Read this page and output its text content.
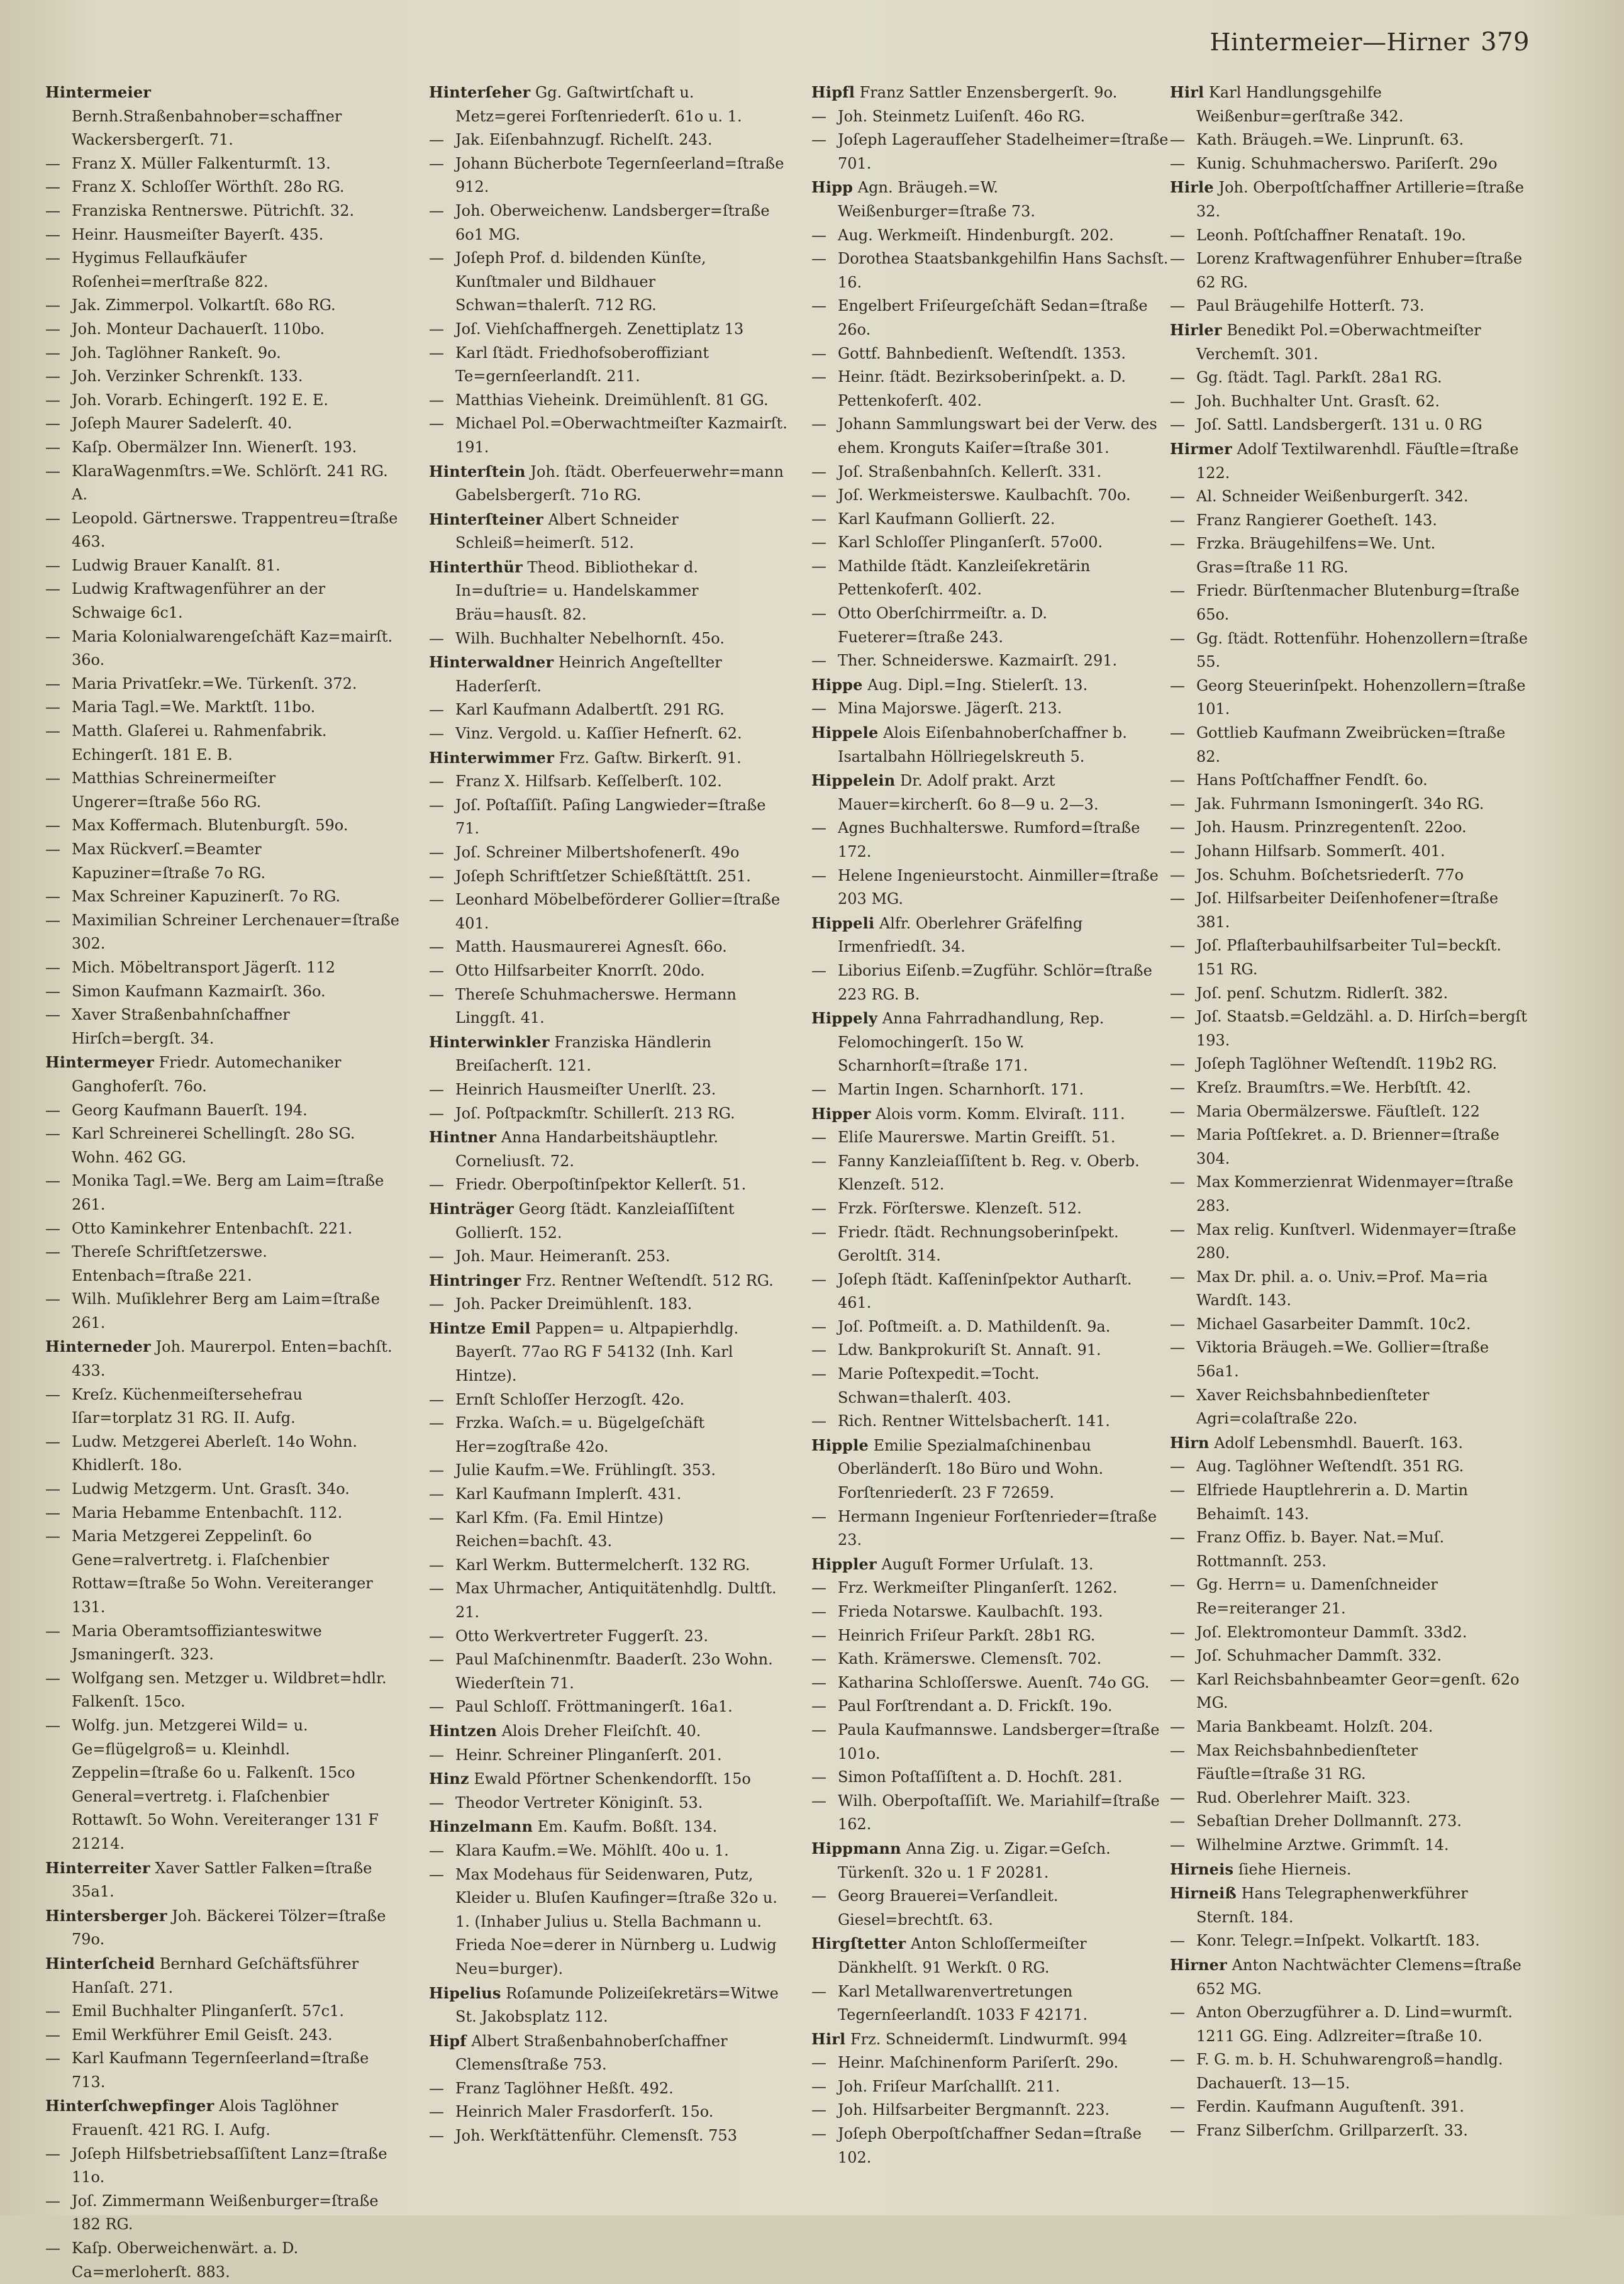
Hintermeier—Hirner 379

Hintermeier Bernh.Straßenbahnober=schaffner Wackersbergerſt. 71.

— Franz X. Müller Falkenturmſt. 13.

— Franz X. Schloſſer Wörthſt. 28o RG.

— Franziska Rentnerswe. Pütrichſt. 32.

— Heinr. Hausmeiſter Bayerſt. 435.

— Hygimus Fellaufkäufer Roſenhei=merſtraße 822.

— Jak. Zimmerpol. Volkartſt. 68o RG.

— Joh. Monteur Dachauerſt. 110bo.

— Joh. Taglöhner Rankeſt. 9o.

— Joh. Verzinker Schrenkſt. 133.

— Joh. Vorarb. Echingerſt. 192 E. E.

— Joſeph Maurer Sadelerſt. 40.

— Kaſp. Obermälzer Inn. Wienerſt. 193.

— KlaraWagenmſtrs.=We. Schlörſt. 241 RG. A.

— Leopold. Gärtnerswe. Trappentreu=ſtraße 463.

— Ludwig Brauer Kanalſt. 81.

— Ludwig Kraftwagenführer an der Schwaige 6c1.

— Maria Kolonialwarengeſchäft Kaz=mairſt. 36o.

— Maria Privatſekr.=We. Türkenſt. 372.

— Maria Tagl.=We. Marktſt. 11bo.

— Matth. Glaſerei u. Rahmenfabrik. Echingerſt. 181 E. B.

— Matthias Schreinermeiſter Ungerer=ſtraße 56o RG.

— Max Koffermach. Blutenburgſt. 59o.

— Max Rückverſ.=Beamter Kapuziner=ſtraße 7o RG.

— Max Schreiner Kapuzinerſt. 7o RG.

— Maximilian Schreiner Lerchenauer=ſtraße 302.

— Mich. Möbeltransport Jägerſt. 112

— Simon Kaufmann Kazmairſt. 36o.

— Xaver Straßenbahnſchaffner Hirſch=bergſt. 34.

Hintermeyer Friedr. Automechaniker Ganghoferſt. 76o.

— Georg Kaufmann Bauerſt. 194.

— Karl Schreinerei Schellingſt. 28o SG. Wohn. 462 GG.

— Monika Tagl.=We. Berg am Laim=ſtraße 261.

— Otto Kaminkehrer Entenbachſt. 221.

— Thereſe Schriftſetzerswe. Entenbach=ſtraße 221.

— Wilh. Muſiklehrer Berg am Laim=ſtraße 261.

Hinterneder Joh. Maurerpol. Enten=bachſt. 433.

— Kreſz. Küchenmeiſtersehefrau Iſar=torplatz 31 RG. II. Aufg.

— Ludw. Metzgerei Aberleſt. 14o Wohn. Khidlerſt. 18o.

— Ludwig Metzgerm. Unt. Grasſt. 34o.

— Maria Hebamme Entenbachſt. 112.

— Maria Metzgerei Zeppelinſt. 6o Gene=ralvertretg. i. Flaſchenbier Rottaw=ſtraße 5o Wohn. Vereiteranger 131.

— Maria Oberamtsoffizianteswitwe Jsmaningerſt. 323.

— Wolfgang sen. Metzger u. Wildbret=hdlr. Falkenſt. 15co.

— Wolfg. jun. Metzgerei Wild= u. Ge=flügelgroß= u. Kleinhdl. Zeppelin=ſtraße 6o u. Falkenſt. 15co General=vertretg. i. Flaſchenbier Rottawſt. 5o Wohn. Vereiteranger 131 F 21214.

Hinterreiter Xaver Sattler Falken=ſtraße 35a1.

Hintersberger Joh. Bäckerei Tölzer=ſtraße 79o.

Hinterſcheid Bernhard Geſchäftsführer Hanſaſt. 271.

— Emil Buchhalter Plinganſerſt. 57c1.

— Emil Werkführer Emil Geisſt. 243.

— Karl Kaufmann Tegernſeerland=ſtraße 713.

Hinterſchwepfinger Alois Taglöhner Frauenſt. 421 RG. I. Aufg.

— Joſeph Hilfsbetriebsaſſiſtent Lanz=ſtraße 11o.

— Joſ. Zimmermann Weißenburger=ſtraße 182 RG.

— Kaſp. Oberweichenwärt. a. D. Ca=merloherſt. 883.

Hinterſeher Gg. Gaſtwirtſchaft u. Metz=gerei Forſtenriederſt. 61o u. 1.

— Jak. Eiſenbahnzugf. Richelſt. 243.

— Johann Bücherbote Tegernſeerland=ſtraße 912.

— Joh. Oberweichenw. Landsberger=ſtraße 6o1 MG.

— Joſeph Prof. d. bildenden Künſte, Kunſtmaler und Bildhauer Schwan=thalerſt. 712 RG.

— Joſ. Viehſchaffnergeh. Zenettiplatz 13

— Karl ſtädt. Friedhofsoberoffiziant Te=gernſeerlandſt. 211.

— Matthias Vieheink. Dreimühlenſt. 81 GG.

— Michael Pol.=Oberwachtmeiſter Kazmairſt. 191.

Hinterſtein Joh. ſtädt. Oberfeuerwehr=mann Gabelsbergerſt. 71o RG.

Hinterſteiner Albert Schneider Schleiß=heimerſt. 512.

Hinterthür Theod. Bibliothekar d. In=duſtrie= u. Handelskammer Bräu=hausſt. 82.

— Wilh. Buchhalter Nebelhornſt. 45o.

Hinterwaldner Heinrich Angeſtellter Haderſerſt.

— Karl Kaufmann Adalbertſt. 291 RG.

— Vinz. Vergold. u. Kaſſier Hefnerſt. 62.

Hinterwimmer Frz. Gaſtw. Birkerſt. 91.

— Franz X. Hilfsarb. Keſſelberſt. 102.

— Joſ. Poſtaſſiſt. Paſing Langwieder=ſtraße 71.

— Joſ. Schreiner Milbertshofenerſt. 49o

— Joſeph Schriftſetzer Schießſtättſt. 251.

— Leonhard Möbelbeförderer Gollier=ſtraße 401.

— Matth. Hausmaurerei Agnesſt. 66o.

— Otto Hilfsarbeiter Knorrſt. 20do.

— Thereſe Schuhmacherswe. Hermann Linggſt. 41.

Hinterwinkler Franziska Händlerin Breiſacherſt. 121.

— Heinrich Hausmeiſter Unerlſt. 23.

— Joſ. Poſtpackmſtr. Schillerſt. 213 RG.

Hintner Anna Handarbeitshäuptlehr. Corneliusſt. 72.

— Friedr. Oberpoſtinſpektor Kellerſt. 51.

Hinträger Georg ſtädt. Kanzleiaſſiſtent Gollierſt. 152.

— Joh. Maur. Heimeranſt. 253.

Hintringer Frz. Rentner Weſtendſt. 512 RG.

— Joh. Packer Dreimühlenſt. 183.

Hintze Emil Pappen= u. Altpapierhdlg. Bayerſt. 77ao RG F 54132 (Inh. Karl Hintze).

— Ernſt Schloſſer Herzogſt. 42o.

— Frzka. Waſch.= u. Bügelgeſchäft Her=zogſtraße 42o.

— Julie Kaufm.=We. Frühlingſt. 353.

— Karl Kaufmann Implerſt. 431.

— Karl Kfm. (Fa. Emil Hintze) Reichen=bachſt. 43.

— Karl Werkm. Buttermelcherſt. 132 RG.

— Max Uhrmacher, Antiquitätenhdlg. Dultſt. 21.

— Otto Werkvertreter Fuggerſt. 23.

— Paul Maſchinenmſtr. Baaderſt. 23o Wohn. Wiederſtein 71.

— Paul Schloſſ. Fröttmaningerſt. 16a1.

Hintzen Alois Dreher Fleiſchſt. 40.

— Heinr. Schreiner Plinganſerſt. 201.

Hinz Ewald Pförtner Schenkendorfſt. 15o

— Theodor Vertreter Königinſt. 53.

Hinzelmann Em. Kaufm. Boßſt. 134.

— Klara Kaufm.=We. Möhlſt. 40o u. 1.

— Max Modehaus für Seidenwaren, Putz, Kleider u. Bluſen Kaufinger=ſtraße 32o u. 1. (Inhaber Julius u. Stella Bachmann u. Frieda Noe=derer in Nürnberg u. Ludwig Neu=burger).

Hipelius Roſamunde Polizeiſekretärs=Witwe St. Jakobsplatz 112.

Hipf Albert Straßenbahnoberſchaffner Clemensſtraße 753.

— Franz Taglöhner Heßſt. 492.

— Heinrich Maler Frasdorferſt. 15o.

— Joh. Werkſtättenführ. Clemensſt. 753

Hipfl Franz Sattler Enzensbergerſt. 9o.

— Joh. Steinmetz Luiſenſt. 46o RG.

— Joſeph Lageraufſeher Stadelheimer=ſtraße 701.

Hipp Agn. Bräugeh.=W. Weißenburger=ſtraße 73.

— Aug. Werkmeiſt. Hindenburgſt. 202.

— Dorothea Staatsbankgehilfin Hans Sachsſt. 16.

— Engelbert Friſeurgeſchäft Sedan=ſtraße 26o.

— Gottf. Bahnbedienſt. Weſtendſt. 1353.

— Heinr. ſtädt. Bezirksoberinſpekt. a. D. Pettenkoferſt. 402.

— Johann Sammlungswart bei der Verw. des ehem. Kronguts Kaiſer=ſtraße 301.

— Joſ. Straßenbahnſch. Kellerſt. 331.

— Joſ. Werkmeisterswe. Kaulbachſt. 70o.

— Karl Kaufmann Gollierſt. 22.

— Karl Schloſſer Plinganſerſt. 57o00.

— Mathilde ſtädt. Kanzleiſekretärin Pettenkoferſt. 402.

— Otto Oberſchirrmeiſtr. a. D. Fueterer=ſtraße 243.

— Ther. Schneiderswe. Kazmairſt. 291.

Hippe Aug. Dipl.=Ing. Stielerſt. 13.

— Mina Majorswe. Jägerſt. 213.

Hippele Alois Eiſenbahnoberſchaffner b. Isartalbahn Höllriegelskreuth 5.

Hippelein Dr. Adolf prakt. Arzt Mauer=kircherſt. 6o 8—9 u. 2—3.

— Agnes Buchhalterswe. Rumford=ſtraße 172.

— Helene Ingenieurstocht. Ainmiller=ſtraße 203 MG.

Hippeli Alfr. Oberlehrer Gräfelfing Irmenfriedſt. 34.

— Liborius Eiſenb.=Zugführ. Schlör=ſtraße 223 RG. B.

Hippely Anna Fahrradhandlung, Rep. Felomochingerſt. 15o W. Scharnhorſt=ſtraße 171.

— Martin Ingen. Scharnhorſt. 171.

Hipper Alois vorm. Komm. Elviraſt. 111.

— Eliſe Maurerswe. Martin Greifſt. 51.

— Fanny Kanzleiaſſiſtent b. Reg. v. Oberb. Klenzeſt. 512.

— Frzk. Förſterswe. Klenzeſt. 512.

— Friedr. ſtädt. Rechnungsoberinſpekt. Geroltſt. 314.

— Joſeph ſtädt. Kaſſeninſpektor Autharſt. 461.

— Joſ. Poſtmeiſt. a. D. Mathildenſt. 9a.

— Ldw. Bankprokuriſt St. Annaſt. 91.

— Marie Poſtexpedit.=Tocht. Schwan=thalerſt. 403.

— Rich. Rentner Wittelsbacherſt. 141.

Hipple Emilie Spezialmaſchinenbau Oberländerſt. 18o Büro und Wohn. Forſtenriederſt. 23 F 72659.

— Hermann Ingenieur Forſtenrieder=ſtraße 23.

Hippler Auguſt Former Urſulaſt. 13.

— Frz. Werkmeiſter Plinganſerſt. 1262.

— Frieda Notarswe. Kaulbachſt. 193.

— Heinrich Friſeur Parkſt. 28b1 RG.

— Kath. Krämerswe. Clemensſt. 702.

— Katharina Schloſſerswe. Auenſt. 74o GG.

— Paul Forſtrendant a. D. Frickſt. 19o.

— Paula Kaufmannswe. Landsberger=ſtraße 101o.

— Simon Poſtaſſiſtent a. D. Hochſt. 281.

— Wilh. Oberpoſtaſſiſt. We. Mariahilf=ſtraße 162.

Hippmann Anna Zig. u. Zigar.=Geſch. Türkenſt. 32o u. 1 F 20281.

— Georg Brauerei=Verſandleit. Giesel=brechtſt. 63.

Hirgſtetter Anton Schloſſermeiſter Dänkhelſt. 91 Werkſt. 0 RG.

— Karl Metallwarenvertretungen Tegernſeerlandſt. 1033 F 42171.

Hirl Frz. Schneidermſt. Lindwurmſt. 994

— Heinr. Maſchinenform Pariſerſt. 29o.

— Joh. Friſeur Marſchallſt. 211.

— Joh. Hilfsarbeiter Bergmannſt. 223.

— Joſeph Oberpoſtſchaffner Sedan=ſtraße 102.

Hirl Karl Handlungsgehilfe Weißenbur=gerſtraße 342.

— Kath. Bräugeh.=We. Linprunſt. 63.

— Kunig. Schuhmacherswo. Pariſerſt. 29o

Hirle Joh. Oberpoſtſchaffner Artillerie=ſtraße 32.

— Leonh. Poſtſchaffner Renataſt. 19o.

— Lorenz Kraftwagenführer Enhuber=ſtraße 62 RG.

— Paul Bräugehilfe Hotterſt. 73.

Hirler Benedikt Pol.=Oberwachtmeiſter Verchemſt. 301.

— Gg. ſtädt. Tagl. Parkſt. 28a1 RG.

— Joh. Buchhalter Unt. Grasſt. 62.

— Joſ. Sattl. Landsbergerſt. 131 u. 0 RG

Hirmer Adolf Textilwarenhdl. Fäuſtle=ſtraße 122.

— Al. Schneider Weißenburgerſt. 342.

— Franz Rangierer Goetheſt. 143.

— Frzka. Bräugehilfens=We. Unt. Gras=ſtraße 11 RG.

— Friedr. Bürſtenmacher Blutenburg=ſtraße 65o.

— Gg. ſtädt. Rottenführ. Hohenzollern=ſtraße 55.

— Georg Steuerinſpekt. Hohenzollern=ſtraße 101.

— Gottlieb Kaufmann Zweibrücken=ſtraße 82.

— Hans Poſtſchaffner Fendſt. 6o.

— Jak. Fuhrmann Ismoningerſt. 34o RG.

— Joh. Hausm. Prinzregentenſt. 22oo.

— Johann Hilfsarb. Sommerſt. 401.

— Jos. Schuhm. Boſchetsriederſt. 77o

— Joſ. Hilfsarbeiter Deiſenhofener=ſtraße 381.

— Joſ. Pflaſterbauhilfsarbeiter Tul=beckſt. 151 RG.

— Joſ. penſ. Schutzm. Ridlerſt. 382.

— Joſ. Staatsb.=Geldzähl. a. D. Hirſch=bergſt 193.

— Joſeph Taglöhner Weſtendſt. 119b2 RG.

— Kreſz. Braumſtrs.=We. Herbſtſt. 42.

— Maria Obermälzerswe. Fäuſtleſt. 122

— Maria Poſtſekret. a. D. Brienner=ſtraße 304.

— Max Kommerzienrat Widenmayer=ſtraße 283.

— Max relig. Kunſtverl. Widenmayer=ſtraße 280.

— Max Dr. phil. a. o. Univ.=Prof. Ma=ria Wardſt. 143.

— Michael Gasarbeiter Dammſt. 10c2.

— Viktoria Bräugeh.=We. Gollier=ſtraße 56a1.

— Xaver Reichsbahnbedienſteter Agri=colaſtraße 22o.

Hirn Adolf Lebensmhdl. Bauerſt. 163.

— Aug. Taglöhner Weſtendſt. 351 RG.

— Elfriede Hauptlehrerin a. D. Martin Behaimſt. 143.

— Franz Offiz. b. Bayer. Nat.=Muſ. Rottmannſt. 253.

— Gg. Herrn= u. Damenſchneider Re=reiteranger 21.

— Joſ. Elektromonteur Dammſt. 33d2.

— Joſ. Schuhmacher Dammſt. 332.

— Karl Reichsbahnbeamter Geor=genſt. 62o MG.

— Maria Bankbeamt. Holzſt. 204.

— Max Reichsbahnbedienſteter Fäuſtle=ſtraße 31 RG.

— Rud. Oberlehrer Maiſt. 323.

— Sebaſtian Dreher Dollmannſt. 273.

— Wilhelmine Arztwe. Grimmſt. 14.

Hirneis ſiehe Hierneis.

Hirneiß Hans Telegraphenwerkführer Sternſt. 184.

— Konr. Telegr.=Inſpekt. Volkartſt. 183.

Hirner Anton Nachtwächter Clemens=ſtraße 652 MG.

— Anton Oberzugführer a. D. Lind=wurmſt. 1211 GG. Eing. Adlzreiter=ſtraße 10.

— F. G. m. b. H. Schuhwarengroß=handlg. Dachauerſt. 13—15.

— Ferdin. Kaufmann Auguſtenſt. 391.

— Franz Silberſchm. Grillparzerſt. 33.
